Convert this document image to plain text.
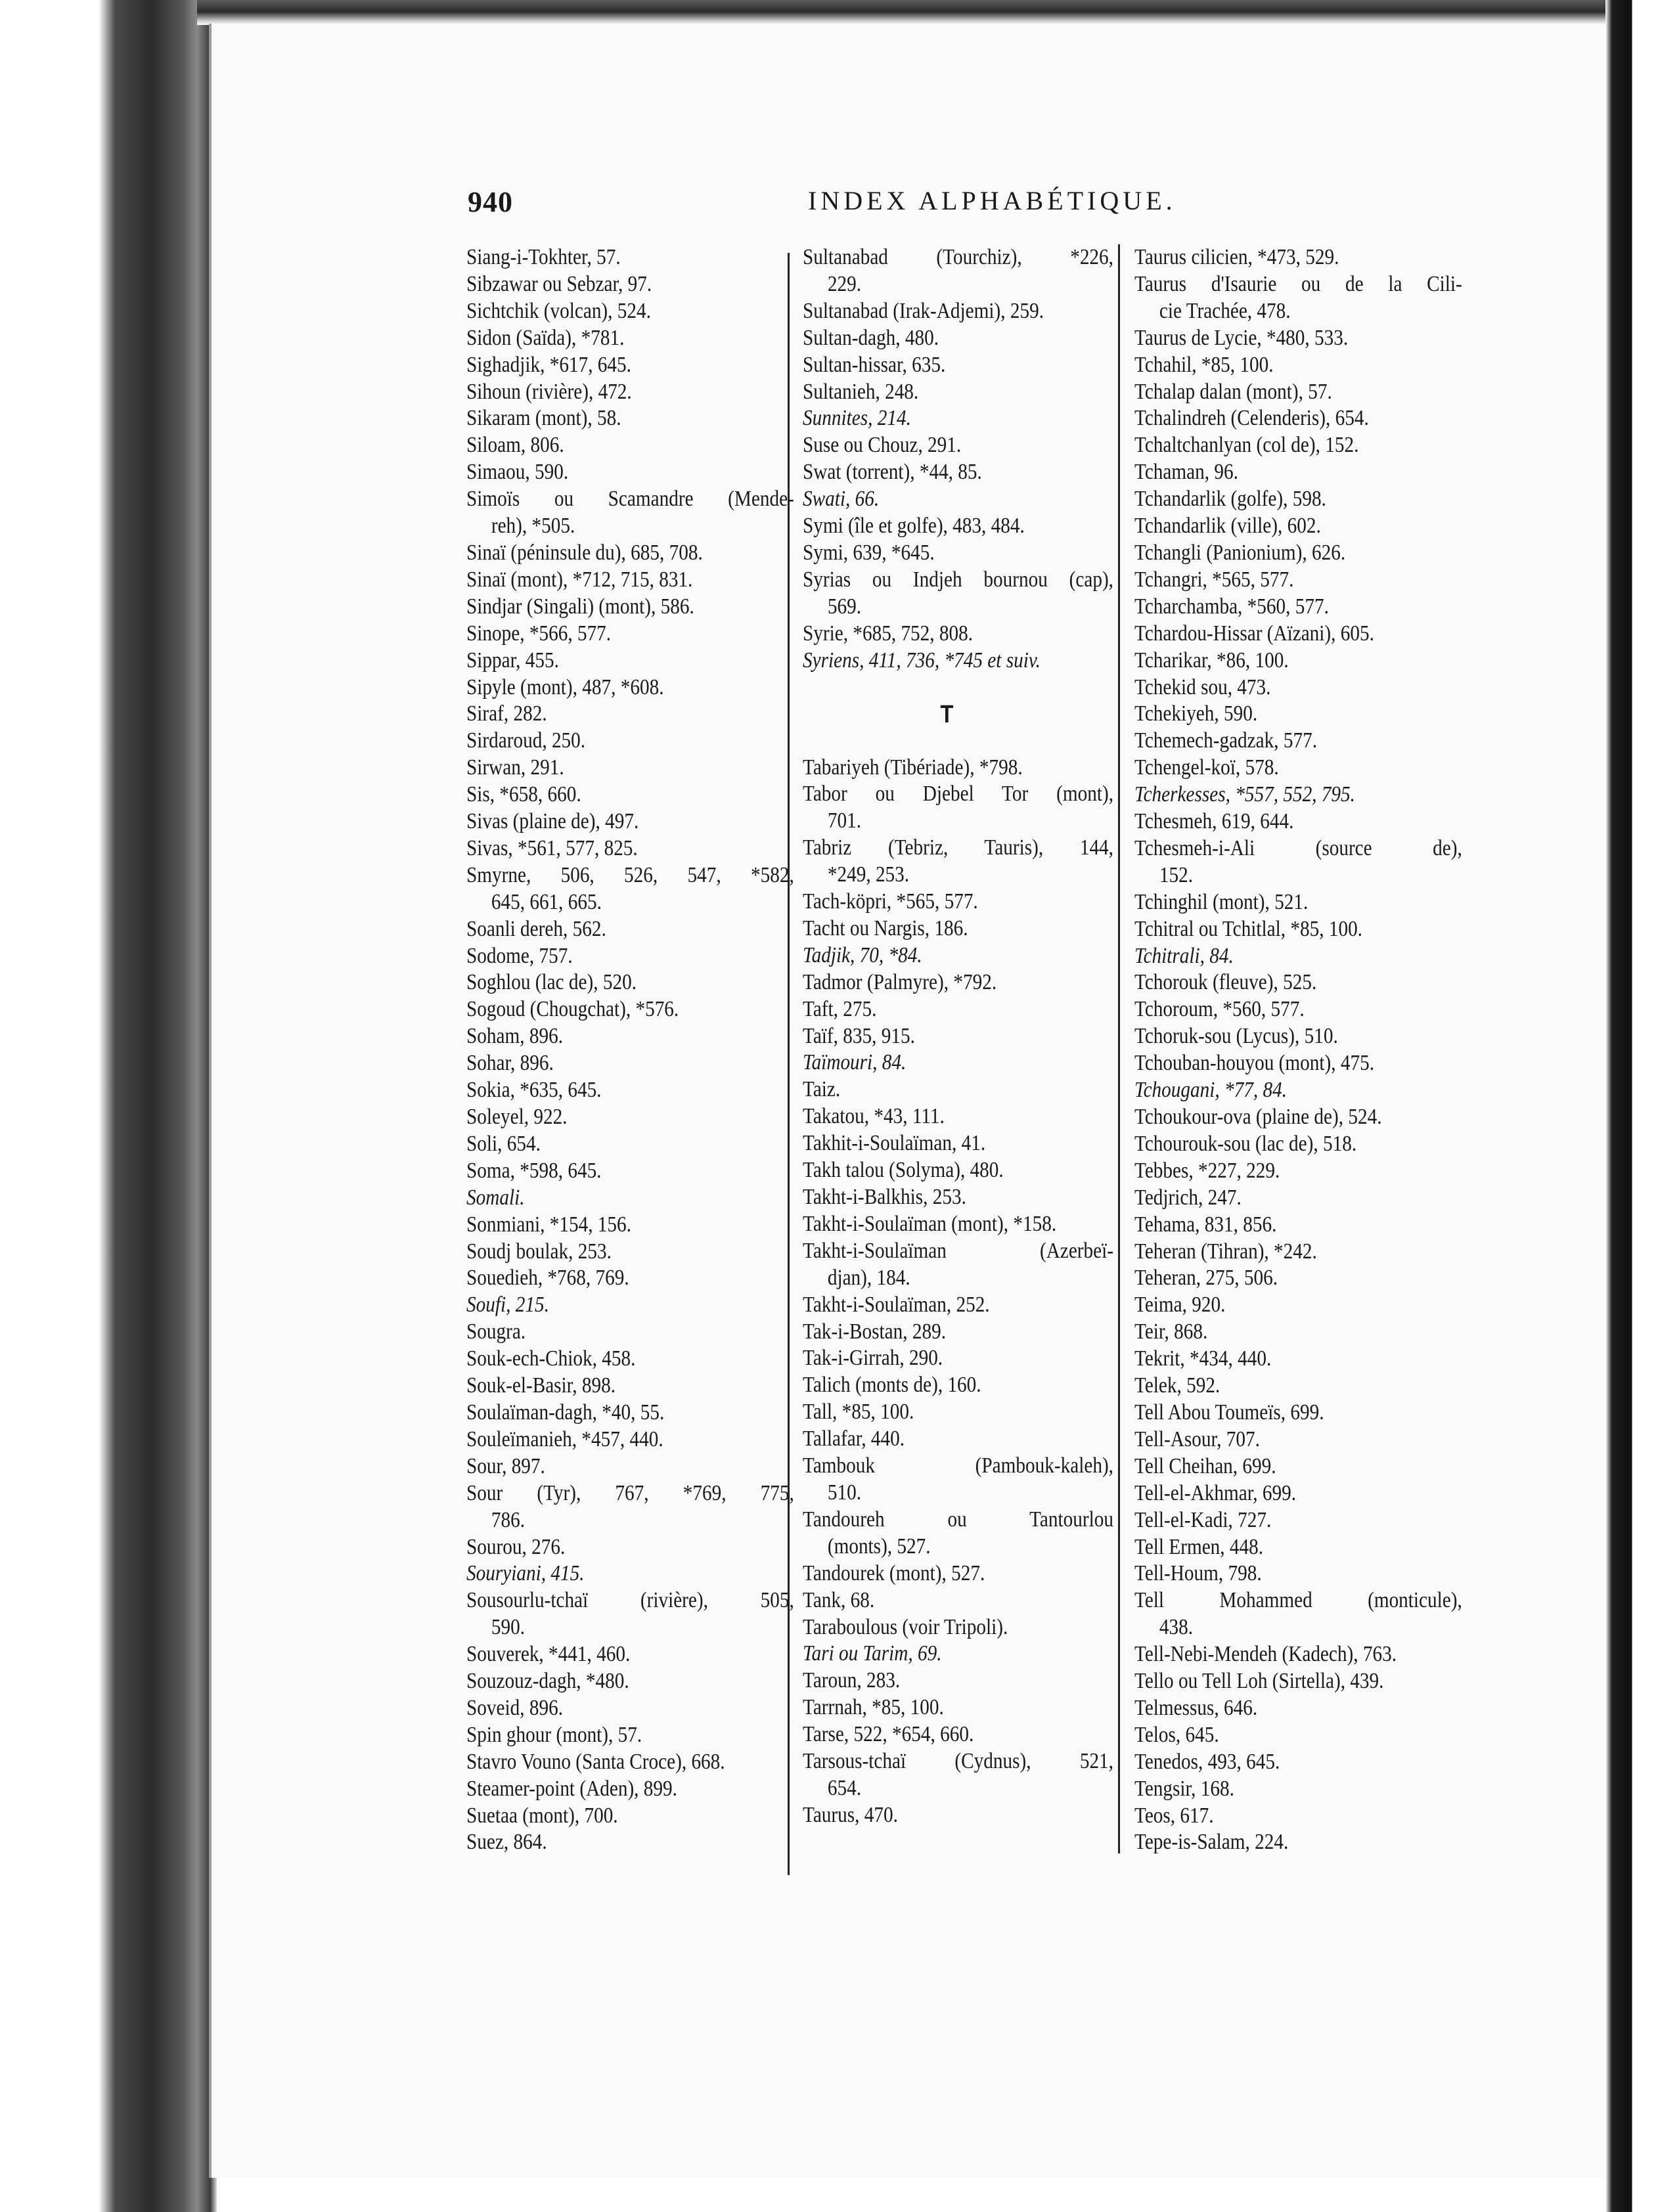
940	INDEX ALPHABÉTIQUE.
Siang-i-Tokhter, 57.
Sibzawar ou Sebzar, 97.
Sichtchik (volcan), 524.
Sidon (Saïda), *781.
Sighadjik, *617, 645.
Sihoun (rivière), 472.
Sikaram (mont), 58.
Siloam, 806.
Simaou, 590.
Simoïs ou Scamandre (Mende-
reh), *505.
Sinaï (péninsule du), 685, 708.
Sinaï (mont), *712, 715, 831.
Sindjar (Singali) (mont), 586.
Sinope, *566, 577.
Sippar, 455.
Sipyle (mont), 487, *608.
Siraf, 282.
Sirdaroud, 250.
Sirwan, 291.
Sis, *658, 660.
Sivas (plaine de), 497.
Sivas, *561, 577, 825.
Smyrne, 506, 526, 547, *582,
645, 661, 665.
Soanli dereh, 562.
Sodome, 757.
Soghlou (lac de), 520.
Sogoud (Chougchat), *576.
Soham, 896.
Sohar, 896.
Sokia, *635, 645.
Soleyel, 922.
Soli, 654.
Soma, *598, 645.
Somali.
Sonmiani, *154, 156.
Soudj boulak, 253.
Souedieh, *768, 769.
Soufi, 215.
Sougra.
Souk-ech-Chiok, 458.
Souk-el-Basir, 898.
Soulaïman-dagh, *40, 55.
Souleïmanieh, *457, 440.
Sour, 897.
Sour (Tyr), 767, *769, 775,
786.
Sourou, 276.
Souryiani, 415.
Sousourlu-tchaï (rivière), 505,
590.
Souverek, *441, 460.
Souzouz-dagh, *480.
Soveid, 896.
Spin ghour (mont), 57.
Stavro Vouno (Santa Croce), 668.
Steamer-point (Aden), 899.
Suetaa (mont), 700.
Suez, 864.
Sultanabad (Tourchiz), *226,
229.
Sultanabad (Irak-Adjemi), 259.
Sultan-dagh, 480.
Sultan-hissar, 635.
Sultanieh, 248.
Sunnites, 214.
Suse ou Chouz, 291.
Swat (torrent), *44, 85.
Swati, 66.
Symi (île et golfe), 483, 484.
Symi, 639, *645.
Syrias ou Indjeh bournou (cap),
569.
Syrie, *685, 752, 808.
Syriens, 411, 736, *745 et suiv.
T
Tabariyeh (Tibériade), *798.
Tabor ou Djebel Tor (mont),
701.
Tabriz (Tebriz, Tauris), 144,
*249, 253.
Tach-köpri, *565, 577.
Tacht ou Nargis, 186.
Tadjik, 70, *84.
Tadmor (Palmyre), *792.
Taft, 275.
Taïf, 835, 915.
Taïmouri, 84.
Taiz.
Takatou, *43, 111.
Takhit-i-Soulaïman, 41.
Takh talou (Solyma), 480.
Takht-i-Balkhis, 253.
Takht-i-Soulaïman (mont), *158.
Takht-i-Soulaïman (Azerbeï-
djan), 184.
Takht-i-Soulaïman, 252.
Tak-i-Bostan, 289.
Tak-i-Girrah, 290.
Talich (monts de), 160.
Tall, *85, 100.
Tallafar, 440.
Tambouk (Pambouk-kaleh),
510.
Tandoureh ou Tantourlou
(monts), 527.
Tandourek (mont), 527.
Tank, 68.
Taraboulous (voir Tripoli).
Tari ou Tarim, 69.
Taroun, 283.
Tarrnah, *85, 100.
Tarse, 522, *654, 660.
Tarsous-tchaï (Cydnus), 521,
654.
Taurus, 470.
Taurus cilicien, *473, 529.
Taurus d'Isaurie ou de la Cili-
cie Trachée, 478.
Taurus de Lycie, *480, 533.
Tchahil, *85, 100.
Tchalap dalan (mont), 57.
Tchalindreh (Celenderis), 654.
Tchaltchanlyan (col de), 152.
Tchaman, 96.
Tchandarlik (golfe), 598.
Tchandarlik (ville), 602.
Tchangli (Panionium), 626.
Tchangri, *565, 577.
Tcharchamba, *560, 577.
Tchardou-Hissar (Aïzani), 605.
Tcharikar, *86, 100.
Tchekid sou, 473.
Tchekiyeh, 590.
Tchemech-gadzak, 577.
Tchengel-koï, 578.
Tcherkesses, *557, 552, 795.
Tchesmeh, 619, 644.
Tchesmeh-i-Ali (source de),
152.
Tchinghil (mont), 521.
Tchitral ou Tchitlal, *85, 100.
Tchitrali, 84.
Tchorouk (fleuve), 525.
Tchoroum, *560, 577.
Tchoruk-sou (Lycus), 510.
Tchouban-houyou (mont), 475.
Tchougani, *77, 84.
Tchoukour-ova (plaine de), 524.
Tchourouk-sou (lac de), 518.
Tebbes, *227, 229.
Tedjrich, 247.
Tehama, 831, 856.
Teheran (Tihran), *242.
Teheran, 275, 506.
Teima, 920.
Teir, 868.
Tekrit, *434, 440.
Telek, 592.
Tell Abou Toumeïs, 699.
Tell-Asour, 707.
Tell Cheihan, 699.
Tell-el-Akhmar, 699.
Tell-el-Kadi, 727.
Tell Ermen, 448.
Tell-Houm, 798.
Tell Mohammed (monticule),
438.
Tell-Nebi-Mendeh (Kadech), 763.
Tello ou Tell Loh (Sirtella), 439.
Telmessus, 646.
Telos, 645.
Tenedos, 493, 645.
Tengsir, 168.
Teos, 617.
Tepe-is-Salam, 224.
